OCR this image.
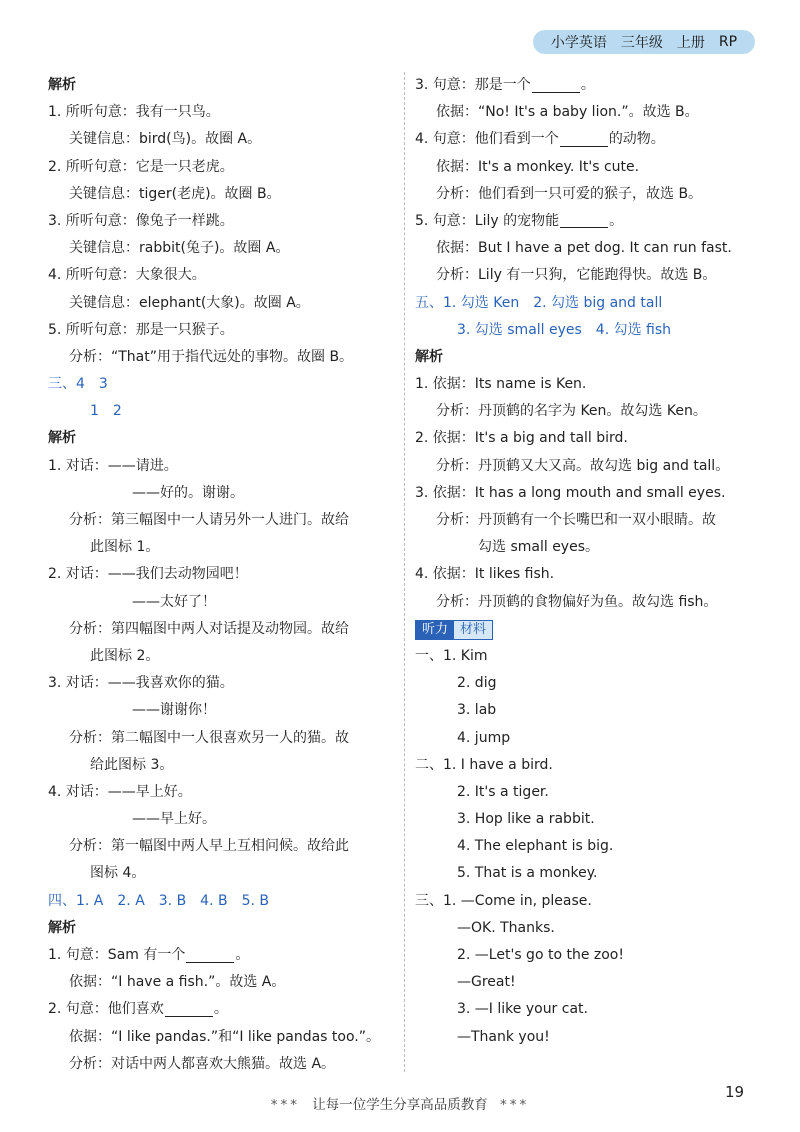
小学英语 三年级 上册 RP
解析
1. 所听句意：我有一只鸟。
关键信息：bird(鸟)。故圈 A。
2. 所听句意：它是一只老虎。
关键信息：tiger(老虎)。故圈 B。
3. 所听句意：像兔子一样跳。
关键信息：rabbit(兔子)。故圈 A。
4. 所听句意：大象很大。
关键信息：elephant(大象)。故圈 A。
5. 所听句意：那是一只猴子。
分析：“That”用于指代远处的事物。故圈 B。
三、4　3
1　2
解析
1. 对话：——请进。
——好的。谢谢。
分析：第三幅图中一人请另外一人进门。故给
此图标 1。
2. 对话：——我们去动物园吧！
——太好了！
分析：第四幅图中两人对话提及动物园。故给
此图标 2。
3. 对话：——我喜欢你的猫。
——谢谢你！
分析：第二幅图中一人很喜欢另一人的猫。故
给此图标 3。
4. 对话：——早上好。
——早上好。
分析：第一幅图中两人早上互相问候。故给此
图标 4。
四、1. A　2. A　3. B　4. B　5. B
解析
1. 句意：Sam 有一个	。
依据：“I have a fish.”。故选 A。
2. 句意：他们喜欢	。
依据：“I like pandas.”和“I like pandas too.”。
分析：对话中两人都喜欢大熊猫。故选 A。
3. 句意：那是一个	。
依据：“No! It's a baby lion.”。故选 B。
4. 句意：他们看到一个	的动物。
依据：It's a monkey. It's cute.
分析：他们看到一只可爱的猴子，故选 B。
5. 句意：Lily 的宠物能	。
依据：But I have a pet dog. It can run fast.
分析：Lily 有一只狗，它能跑得快。故选 B。
五、1. 勾选 Ken　2. 勾选 big and tall
3. 勾选 small eyes　4. 勾选 fish
解析
1. 依据：Its name is Ken.
分析：丹顶鹤的名字为 Ken。故勾选 Ken。
2. 依据：It's a big and tall bird.
分析：丹顶鹤又大又高。故勾选 big and tall。
3. 依据：It has a long mouth and small eyes.
分析：丹顶鹤有一个长嘴巴和一双小眼睛。故
勾选 small eyes。
4. 依据：It likes fish.
分析：丹顶鹤的食物偏好为鱼。故勾选 fish。
听力 材料
一、1. Kim
2. dig
3. lab
4. jump
二、1. I have a bird.
2. It's a tiger.
3. Hop like a rabbit.
4. The elephant is big.
5. That is a monkey.
三、1. —Come in, please.
—OK. Thanks.
2. —Let's go to the zoo!
—Great!
3. —I like your cat.
—Thank you!
19
*** 让每一位学生分享高品质教育 ***
